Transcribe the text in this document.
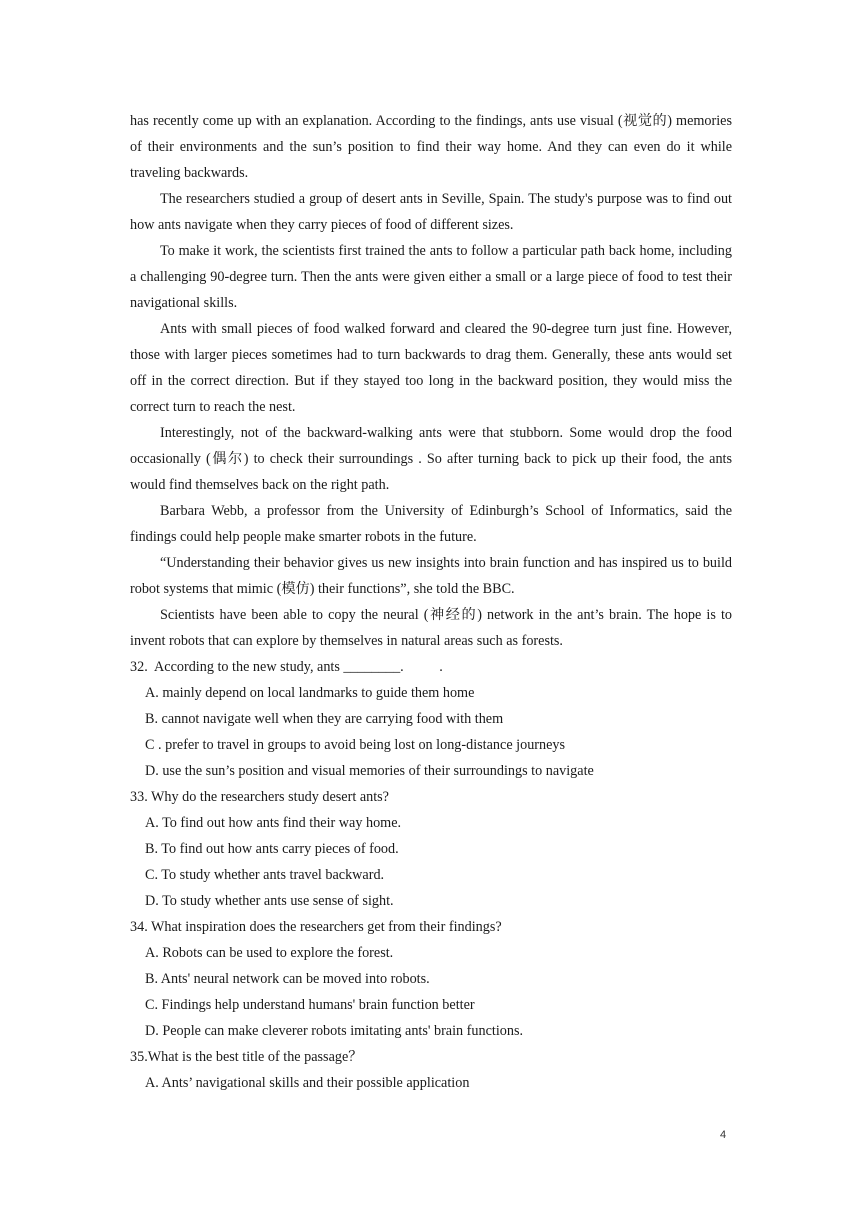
has recently come up with an explanation. According to the findings, ants use visual (视觉的) memories of their environments and the sun’s position to find their way home. And they can even do it while traveling backwards.

The researchers studied a group of desert ants in Seville, Spain. The study's purpose was to find out how ants navigate when they carry pieces of food of different sizes.

To make it work, the scientists first trained the ants to follow a particular path back home, including a challenging 90-degree turn. Then the ants were given either a small or a large piece of food to test their navigational skills.

Ants with small pieces of food walked forward and cleared the 90-degree turn just fine. However, those with larger pieces sometimes had to turn backwards to drag them. Generally, these ants would set off in the correct direction. But if they stayed too long in the backward position, they would miss the correct turn to reach the nest.

Interestingly, not of the backward-walking ants were that stubborn. Some would drop the food occasionally (偶尔) to check their surroundings . So after turning back to pick up their food, the ants would find themselves back on the right path.

Barbara Webb, a professor from the University of Edinburgh’s School of Informatics, said the findings could help people make smarter robots in the future.

“Understanding their behavior gives us new insights into brain function and has inspired us to build robot systems that mimic (模仿) their functions”, she told the BBC.

Scientists have been able to copy the neural (神经的) network in the ant’s brain. The hope is to invent robots that can explore by themselves in natural areas such as forests.

32.  According to the new study, ants ________.          .

A. mainly depend on local landmarks to guide them home

B. cannot navigate well when they are carrying food with them

C . prefer to travel in groups to avoid being lost on long-distance journeys

D. use the sun’s position and visual memories of their surroundings to navigate

33. Why do the researchers study desert ants?

A. To find out how ants find their way home.

B. To find out how ants carry pieces of food.

C. To study whether ants travel backward.

D. To study whether ants use sense of sight.

34. What inspiration does the researchers get from their findings?

A. Robots can be used to explore the forest.

B. Ants' neural network can be moved into robots.

C. Findings help understand humans' brain function better

D. People can make cleverer robots imitating ants' brain functions.

35.What is the best title of the passage？

A. Ants’ navigational skills and their possible application

4
